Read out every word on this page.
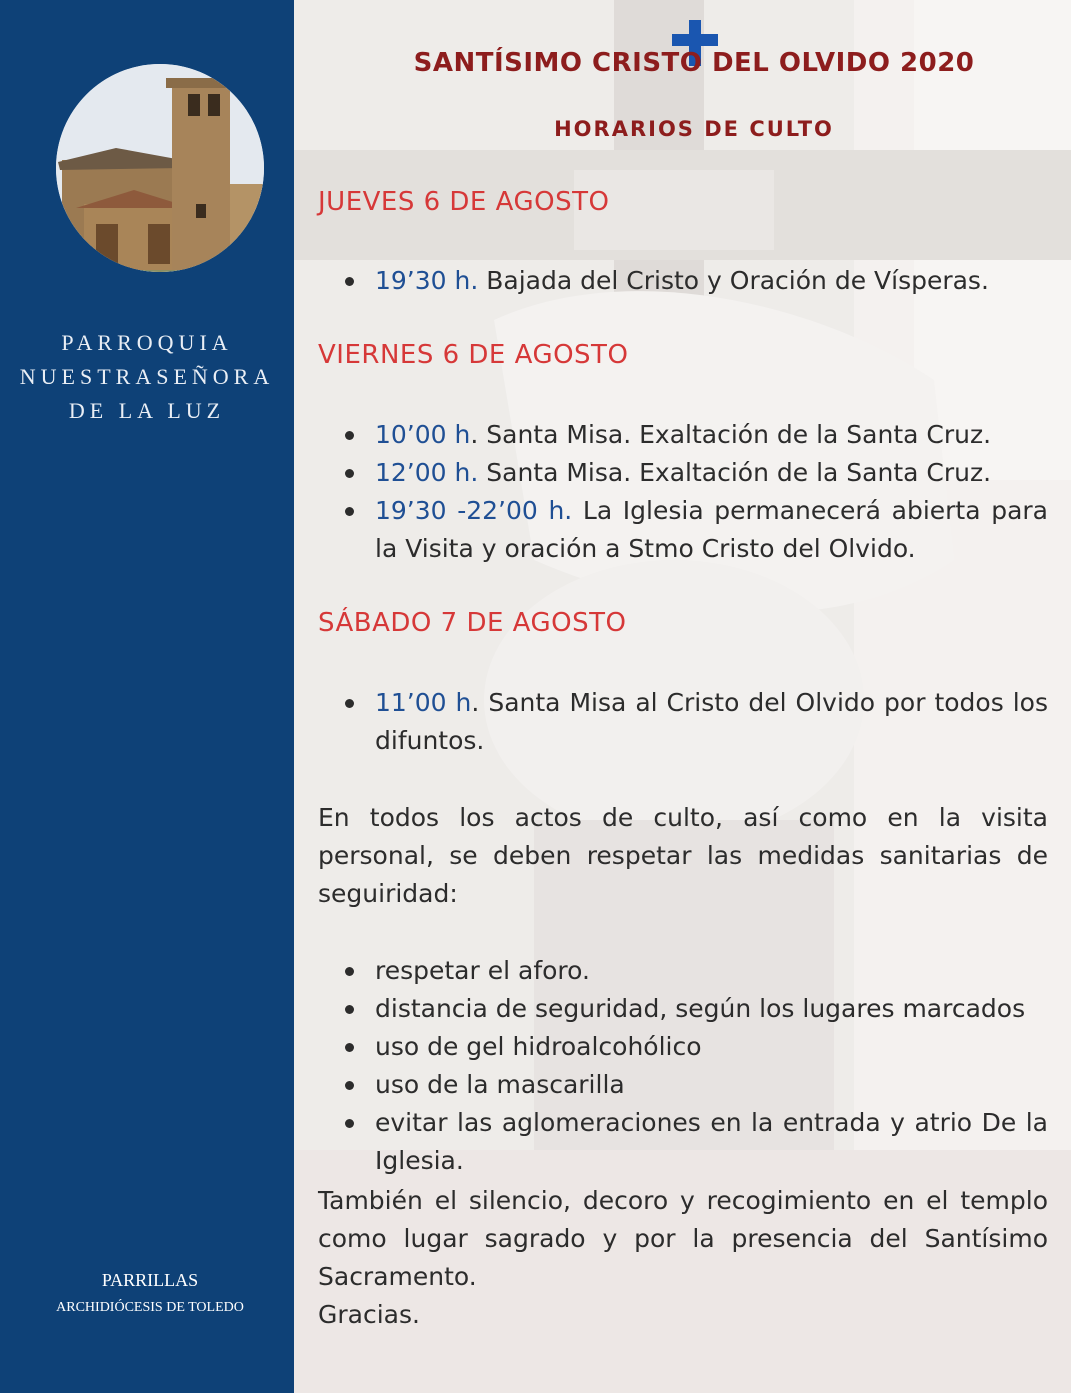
PARROQUIA
NUESTRASEÑORA
DE LA LUZ
PARRILLAS
ARCHIDIÓCESIS DE TOLEDO
SANTÍSIMO CRISTO DEL OLVIDO 2020
HORARIOS DE CULTO
JUEVES 6 DE AGOSTO
19’30 h. Bajada del Cristo y Oración de Vísperas.
VIERNES 6 DE AGOSTO
10’00 h. Santa Misa. Exaltación de la Santa Cruz.
12’00 h. Santa Misa. Exaltación de la Santa Cruz.
19’30 -22’00 h. La Iglesia permanecerá abierta para la Visita y oración a Stmo Cristo del Olvido.
SÁBADO 7 DE AGOSTO
11’00 h. Santa Misa al Cristo del Olvido por todos los difuntos.

En todos los actos de culto, así como en la visita personal, se deben respetar las medidas sanitarias de seguiridad:

respetar el aforo.
distancia de seguridad, según los lugares marcados
uso de gel hidroalcohólico
uso de la mascarilla
evitar las aglomeraciones en la entrada y atrio De la Iglesia.

También el silencio, decoro y recogimiento en el templo como lugar sagrado y por la presencia del Santísimo Sacramento.

Gracias.
